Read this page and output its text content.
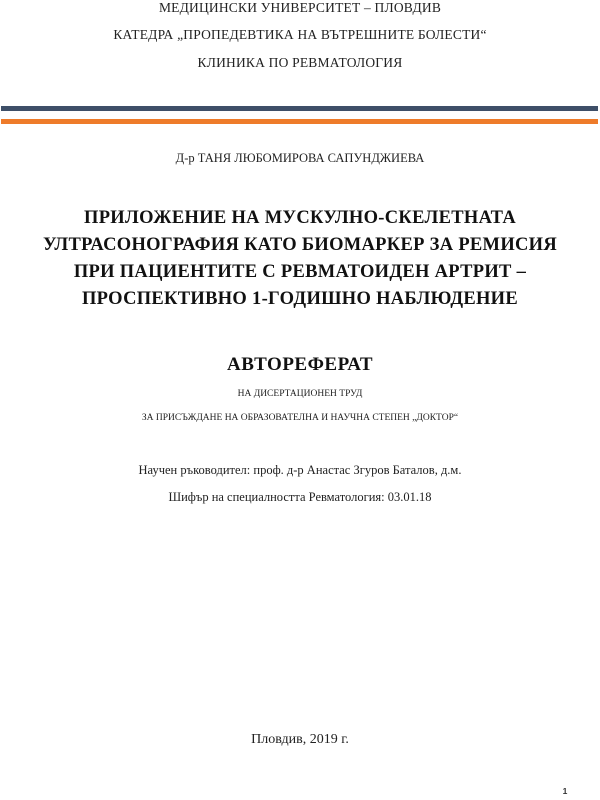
МЕДИЦИНСКИ УНИВЕРСИТЕТ – ПЛОВДИВ
КАТЕДРА „ПРОПЕДЕВТИКА НА ВЪТРЕШНИТЕ БОЛЕСТИ“
КЛИНИКА ПО РЕВМАТОЛОГИЯ
Д-р ТАНЯ ЛЮБОМИРОВА САПУНДЖИЕВА
ПРИЛОЖЕНИЕ НА МУСКУЛНО-СКЕЛЕТНАТА
УЛТРАСОНОГРАФИЯ КАТО БИОМАРКЕР ЗА РЕМИСИЯ
ПРИ ПАЦИЕНТИТЕ С РЕВМАТОИДЕН АРТРИТ –
ПРОСПЕКТИВНО 1-ГОДИШНО НАБЛЮДЕНИЕ
АВТОРЕФЕРАТ
НА ДИСЕРТАЦИОНЕН ТРУД
ЗА ПРИСЪЖДАНЕ НА ОБРАЗОВАТЕЛНА И НАУЧНА СТЕПЕН „ДОКТОР“
Научен ръководител: проф. д-р Анастас Згуров Баталов, д.м.
Шифър на специалността Ревматология: 03.01.18
Пловдив, 2019 г.
1
